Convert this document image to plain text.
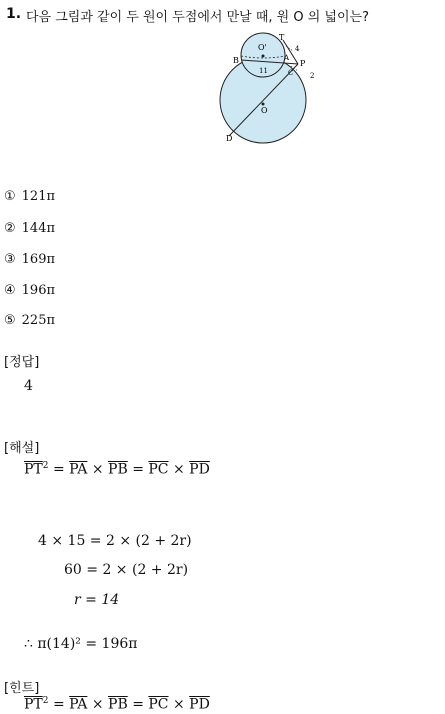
1. 다음 그림과 같이 두 원이 두점에서 만날 때, 원 O 의 넓이는?
T
O'
B	A
P
C
O
D
4
11
2
① 121π
② 144π
③ 169π
④ 196π
⑤ 225π
[정답]
4
[해설]
$\overline{PT}^2 = \overline{PA} \times \overline{PB} = \overline{PC} \times \overline{PD}$
4 × 15 = 2 × (2 + 2r)
60 = 2 × (2 + 2r)
r = 14
∴ π(14)² = 196π
[힌트]
$\overline{PT}^2 = \overline{PA} \times \overline{PB} = \overline{PC} \times \overline{PD}$
